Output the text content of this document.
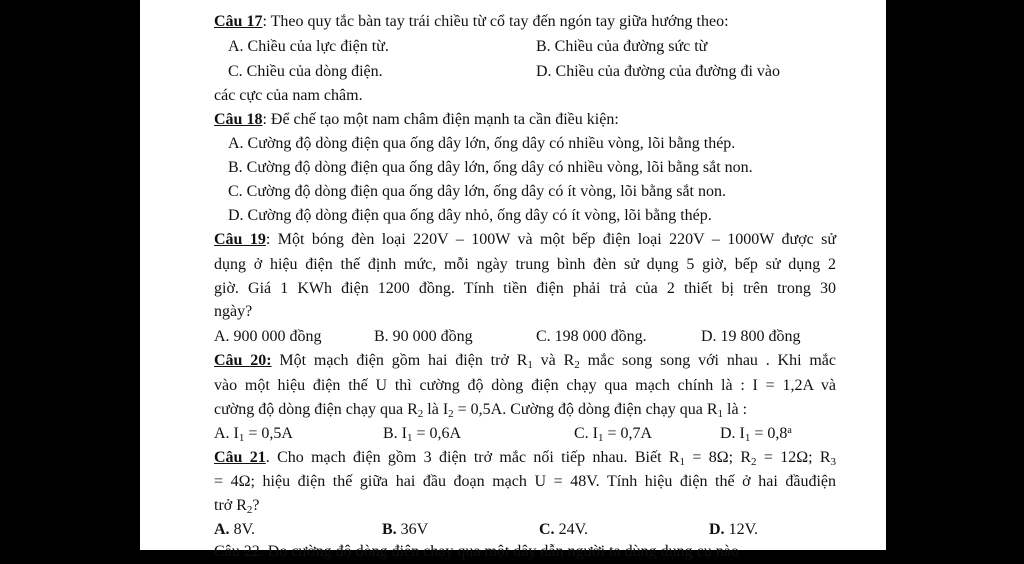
Câu 17: Theo quy tắc bàn tay trái chiều từ cổ tay đến ngón tay giữa hướng theo:
A. Chiều của lực điện từ.	B. Chiều của đường sức từ
C. Chiều của dòng điện.	D. Chiều của đường của đường đi vào
các cực của nam châm.
Câu 18: Để chế tạo một nam châm điện mạnh ta cần điều kiện:
A. Cường độ dòng điện qua ống dây lớn, ống dây có nhiều vòng, lõi bằng thép.
B. Cường độ dòng điện qua ống dây lớn, ống dây có nhiều vòng, lõi bằng sắt non.
C. Cường độ dòng điện qua ống dây lớn, ống dây có ít vòng, lõi bằng sắt non.
D. Cường độ dòng điện qua ống dây nhỏ, ống dây có ít vòng, lõi bằng thép.
Câu 19: Một bóng đèn loại 220V – 100W và một bếp điện loại 220V – 1000W được sử
dụng ở hiệu điện thế định mức, mỗi ngày trung bình đèn sử dụng 5 giờ, bếp sử dụng 2
giờ. Giá 1 KWh điện 1200 đồng. Tính tiền điện phải trả của 2 thiết bị trên trong 30
ngày?
A. 900 000 đồng	B. 90 000 đồng	C. 198 000 đồng.	D. 19 800 đồng
Câu 20: Một mạch điện gồm hai điện trở $R_1$ và $R_2$ mắc song song với nhau . Khi mắc
vào một hiệu điện thế U thì cường độ dòng điện chạy qua mạch chính là : I = 1,2A và
cường độ dòng điện chạy qua $R_2$ là $I_2 = 0,5A$. Cường độ dòng điện chạy qua $R_1$ là :
A. $I_1 = 0,5A$	B. $I_1 = 0,6A$	C. $I_1 = 0,7A$	D. $I_1 = 0,8^a$
Câu 21. Cho mạch điện gồm 3 điện trở mắc nối tiếp nhau. Biết $R_1 = 8\Omega$; $R_2 = 12\Omega$; $R_3$
= 4Ω; hiệu điện thế giữa hai đầu đoạn mạch U = 48V. Tính hiệu điện thế ở hai đầuđiện
trở $R_2$?
A. 8V.	B. 36V	C. 24V.	D. 12V.
Câu 22. Đo cường độ dòng điện chạy qua một dây dẫn người ta dùng dụng cụ nào
